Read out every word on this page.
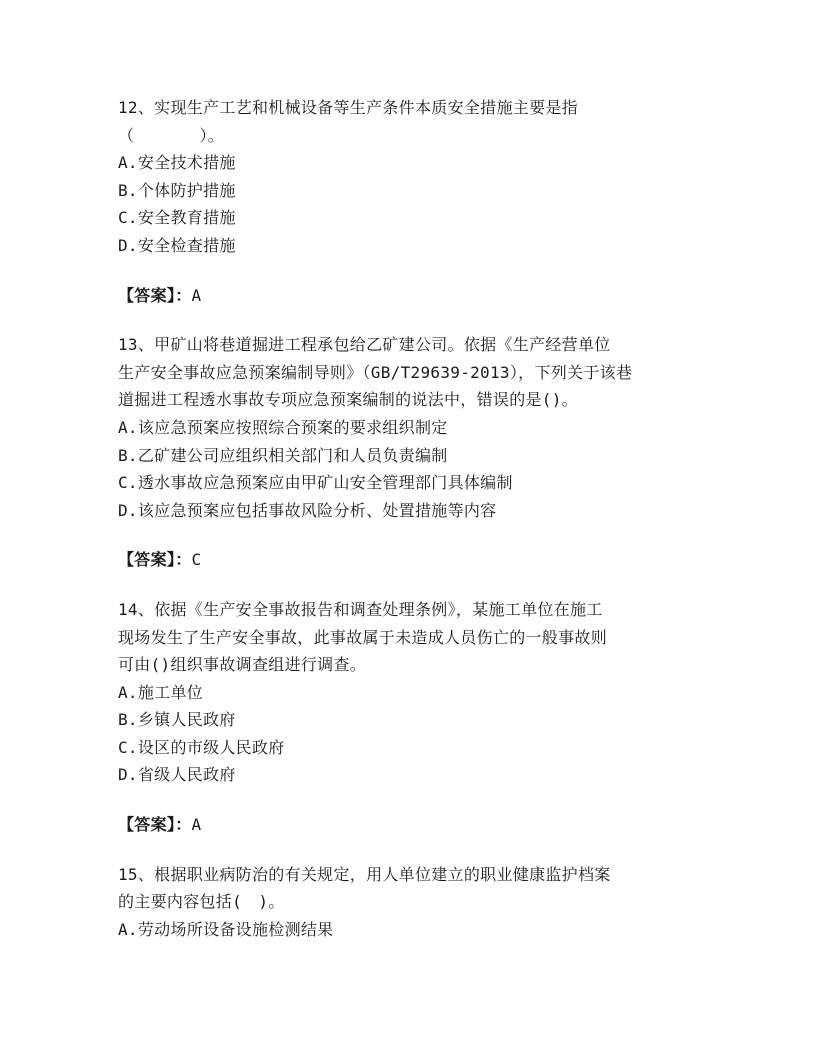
12、实现生产工艺和机械设备等生产条件本质安全措施主要是指
（　　　　）。
A.安全技术措施
B.个体防护措施
C.安全教育措施
D.安全检查措施
【答案】：A
13、甲矿山将巷道掘进工程承包给乙矿建公司。依据《生产经营单位
生产安全事故应急预案编制导则》（GB/T29639-2013），下列关于该巷
道掘进工程透水事故专项应急预案编制的说法中，错误的是()。
A.该应急预案应按照综合预案的要求组织制定
B.乙矿建公司应组织相关部门和人员负责编制
C.透水事故应急预案应由甲矿山安全管理部门具体编制
D.该应急预案应包括事故风险分析、处置措施等内容
【答案】：C
14、依据《生产安全事故报告和调查处理条例》，某施工单位在施工
现场发生了生产安全事故，此事故属于未造成人员伤亡的一般事故则
可由()组织事故调查组进行调查。
A.施工单位
B.乡镇人民政府
C.设区的市级人民政府
D.省级人民政府
【答案】：A
15、根据职业病防治的有关规定，用人单位建立的职业健康监护档案
的主要内容包括(　)。
A.劳动场所设备设施检测结果
